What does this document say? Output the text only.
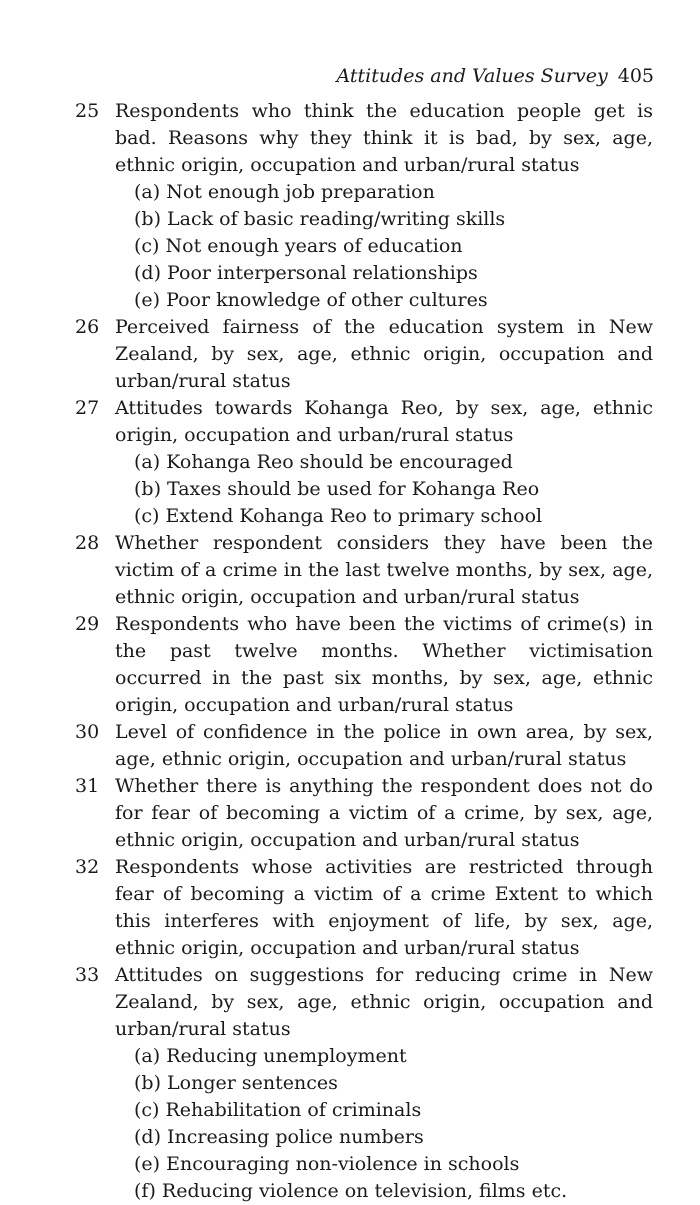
Attitudes and Values Survey 405
25 Respondents who think the education people get is bad. Reasons why they think it is bad, by sex, age, ethnic origin, occupation and urban/rural status
(a) Not enough job preparation
(b) Lack of basic reading/writing skills
(c) Not enough years of education
(d) Poor interpersonal relationships
(e) Poor knowledge of other cultures
26 Perceived fairness of the education system in New Zealand, by sex, age, ethnic origin, occupation and urban/rural status
27 Attitudes towards Kohanga Reo, by sex, age, ethnic origin, occupation and urban/rural status
(a) Kohanga Reo should be encouraged
(b) Taxes should be used for Kohanga Reo
(c) Extend Kohanga Reo to primary school
28 Whether respondent considers they have been the victim of a crime in the last twelve months, by sex, age, ethnic origin, occupation and urban/rural status
29 Respondents who have been the victims of crime(s) in the past twelve months. Whether victimisation occurred in the past six months, by sex, age, ethnic origin, occupation and urban/rural status
30 Level of confidence in the police in own area, by sex, age, ethnic origin, occupation and urban/rural status
31 Whether there is anything the respondent does not do for fear of becoming a victim of a crime, by sex, age, ethnic origin, occupation and urban/rural status
32 Respondents whose activities are restricted through fear of becoming a victim of a crime Extent to which this interferes with enjoyment of life, by sex, age, ethnic origin, occupation and urban/rural status
33 Attitudes on suggestions for reducing crime in New Zealand, by sex, age, ethnic origin, occupation and urban/rural status
(a) Reducing unemployment
(b) Longer sentences
(c) Rehabilitation of criminals
(d) Increasing police numbers
(e) Encouraging non-violence in schools
(f) Reducing violence on television, films etc.
